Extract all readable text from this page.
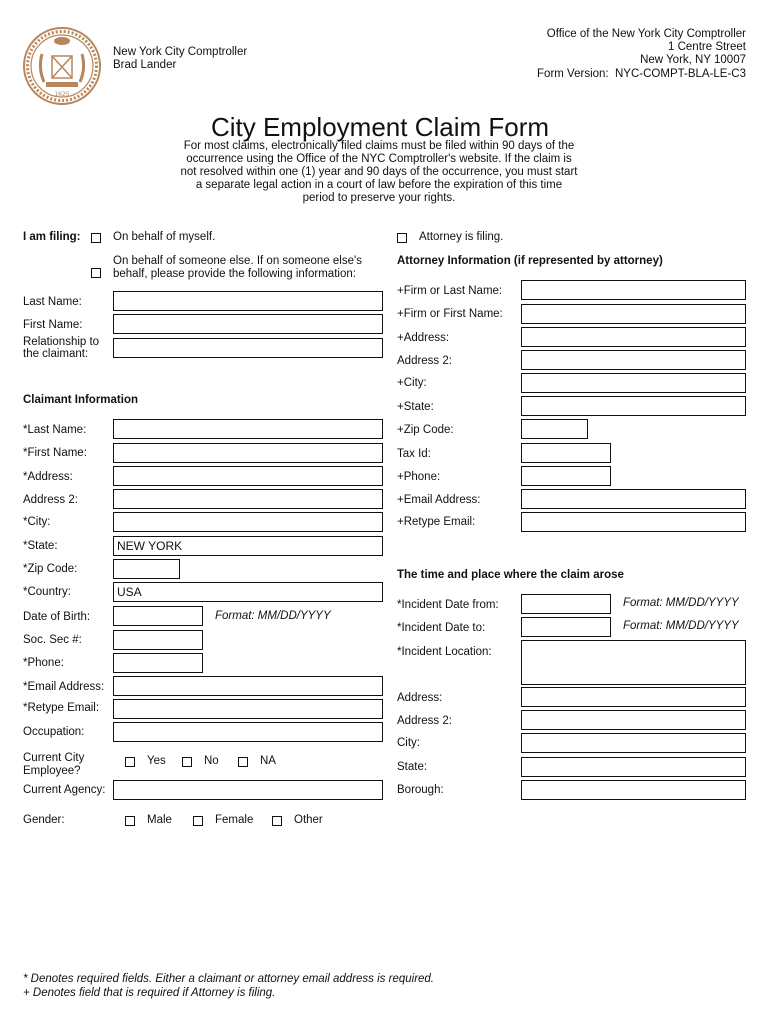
1625
New York City Comptroller
Brad Lander
Office of the New York City Comptroller
1 Centre Street
New York, NY 10007
Form Version: NYC-COMPT-BLA-LE-C3
City Employment Claim Form
For most claims, electronically filed claims must be filed within 90 days of the
occurrence using the Office of the NYC Comptroller's website. If the claim is
not resolved within one (1) year and 90 days of the occurrence, you must start
a separate legal action in a court of law before the expiration of this time
period to preserve your rights.
I am filing:	On behalf of myself.
On behalf of someone else. If on someone else's
behalf, please provide the following information:
Attorney is filing.
Last Name:
First Name:
Relationship to
the claimant:
Claimant Information
*Last Name:
*First Name:
*Address:
Address 2:
*City:
*State:	NEW YORK
*Zip Code:
*Country:	USA
Date of Birth:	Format: MM/DD/YYYY
Soc. Sec #:
*Phone:
*Email Address:
*Retype Email:
Occupation:
Current City
Employee?
Yes	No	NA
Current Agency:
Gender:	Male	Female	Other
Attorney Information (if represented by attorney)
+Firm or Last Name:
+Firm or First Name:
+Address:
Address 2:
+City:
+State:
+Zip Code:
Tax Id:
+Phone:
+Email Address:
+Retype Email:
The time and place where the claim arose
*Incident Date from:	Format: MM/DD/YYYY
*Incident Date to:	Format: MM/DD/YYYY
*Incident Location:
Address:
Address 2:
City:
State:
Borough:
* Denotes required fields. Either a claimant or attorney email address is required.
+ Denotes field that is required if Attorney is filing.
